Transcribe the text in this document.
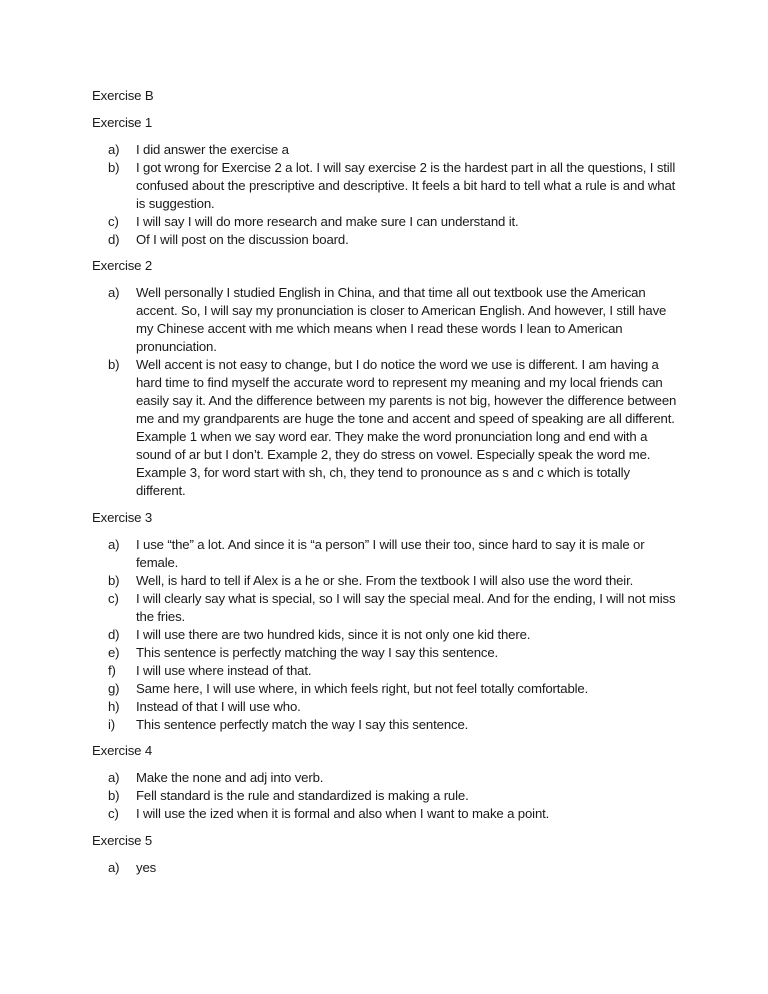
Exercise B

Exercise 1

a) I did answer the exercise a
b) I got wrong for Exercise 2 a lot. I will say exercise 2 is the hardest part in all the questions, I still confused about the prescriptive and descriptive. It feels a bit hard to tell what a rule is and what is suggestion.
c) I will say I will do more research and make sure I can understand it.
d) Of I will post on the discussion board.

Exercise 2

a) Well personally I studied English in China, and that time all out textbook use the American accent. So, I will say my pronunciation is closer to American English. And however, I still have my Chinese accent with me which means when I read these words I lean to American pronunciation.
b) Well accent is not easy to change, but I do notice the word we use is different. I am having a hard time to find myself the accurate word to represent my meaning and my local friends can easily say it. And the difference between my parents is not big, however the difference between me and my grandparents are huge the tone and accent and speed of speaking are all different. Example 1 when we say word ear. They make the word pronunciation long and end with a sound of ar but I don’t. Example 2, they do stress on vowel. Especially speak the word me. Example 3, for word start with sh, ch, they tend to pronounce as s and c which is totally different.

Exercise 3

a) I use “the” a lot. And since it is “a person” I will use their too, since hard to say it is male or female.
b) Well, is hard to tell if Alex is a he or she. From the textbook I will also use the word their.
c) I will clearly say what is special, so I will say the special meal. And for the ending, I will not miss the fries.
d) I will use there are two hundred kids, since it is not only one kid there.
e) This sentence is perfectly matching the way I say this sentence.
f) I will use where instead of that.
g) Same here, I will use where, in which feels right, but not feel totally comfortable.
h) Instead of that I will use who.
i) This sentence perfectly match the way I say this sentence.

Exercise 4

a) Make the none and adj into verb.
b) Fell standard is the rule and standardized is making a rule.
c) I will use the ized when it is formal and also when I want to make a point.

Exercise 5

a) yes
